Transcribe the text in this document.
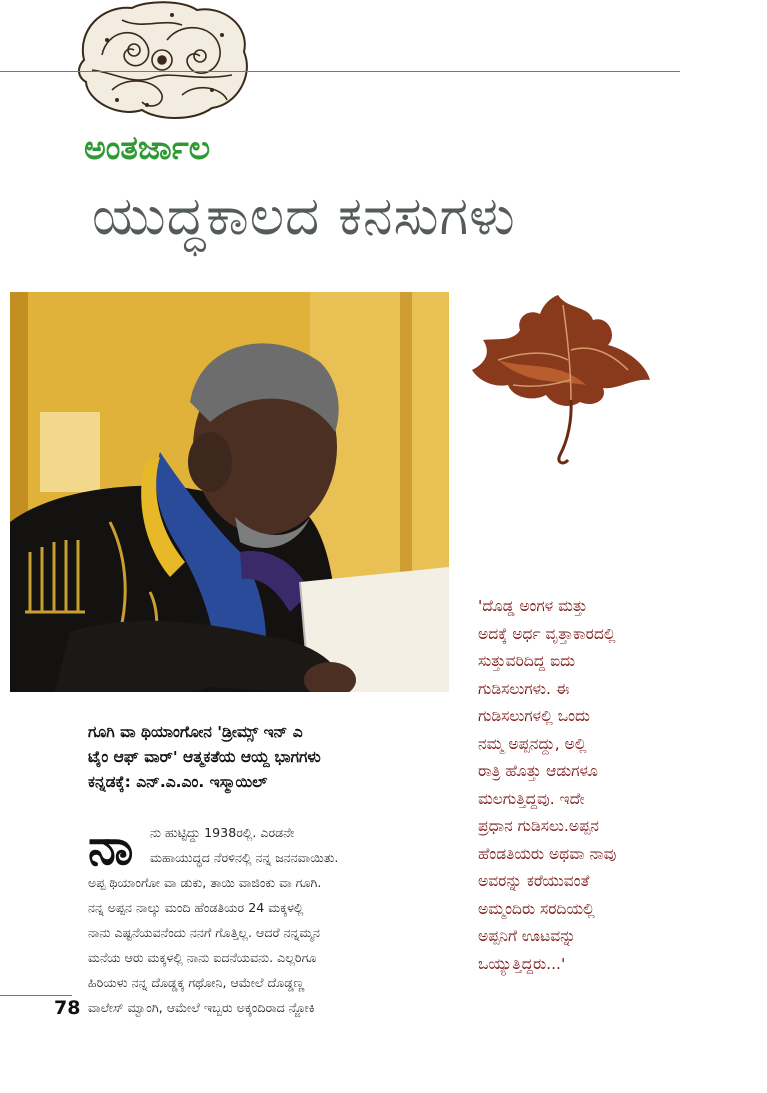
ಅಂತರ್ಜಾಲ
ಯುದ್ಧಕಾಲದ ಕನಸುಗಳು
ಗೂಗಿ ವಾ ಥಿಯಾಂಗೋನ 'ಡ್ರೀಮ್ಸ್ ಇನ್ ಎ
ಟೈಂ ಆಫ್ ವಾರ್' ಆತ್ಮಕತೆಯ ಆಯ್ದ ಭಾಗಗಳು
ಕನ್ನಡಕ್ಕೆ: ಎನ್.ಎ.ಎಂ. ಇಸ್ಮಾಯಿಲ್
ನಾ	ನು ಹುಟ್ಟಿದ್ದು 1938ರಲ್ಲಿ. ಎರಡನೇ
ಮಹಾಯುದ್ಧದ ನೆರಳಿನಲ್ಲಿ ನನ್ನ ಜನನವಾಯಿತು.
ಅಪ್ಪ ಥಿಯಾಂಗೋ ವಾ ಡುಕು, ತಾಯಿ ವಾಜಿಂಕು ವಾ ಗೂಗಿ.
ನನ್ನ ಅಪ್ಪನ ನಾಲ್ಕು ಮಂದಿ ಹೆಂಡತಿಯರ 24 ಮಕ್ಕಳಲ್ಲಿ
ನಾನು ಎಷ್ಟನೆಯವನೆಂದು ನನಗೆ ಗೊತ್ತಿಲ್ಲ. ಆದರೆ ನನ್ನಮ್ಮನ
ಮನೆಯ ಆರು ಮಕ್ಕಳಲ್ಲಿ ನಾನು ಐದನೆಯವನು. ಎಲ್ಲರಿಗೂ
ಹಿರಿಯಳು ನನ್ನ ದೊಡ್ಡಕ್ಕ ಗಥೋನಿ, ಆಮೇಲೆ ದೊಡ್ಡಣ್ಣ
ವಾಲೇಸ್ ಮ್ವಾಂಗಿ, ಆಮೇಲೆ ಇಬ್ಬರು ಅಕ್ಕಂದಿರಾದ ನ್ಜೋಕಿ
78
'ದೊಡ್ಡ ಅಂಗಳ ಮತ್ತು
ಅದಕ್ಕೆ ಅರ್ಧ ವೃತ್ತಾಕಾರದಲ್ಲಿ
ಸುತ್ತುವರಿದಿದ್ದ ಐದು
ಗುಡಿಸಲುಗಳು. ಈ
ಗುಡಿಸಲುಗಳಲ್ಲಿ ಒಂದು
ನಮ್ಮ ಅಪ್ಪನದ್ದು, ಅಲ್ಲಿ
ರಾತ್ರಿ ಹೊತ್ತು ಆಡುಗಳೂ
ಮಲಗುತ್ತಿದ್ದವು. ಇದೇ
ಪ್ರಧಾನ ಗುಡಿಸಲು.ಅಪ್ಪನ
ಹೆಂಡತಿಯರು ಅಥವಾ ನಾವು
ಅವರನ್ನು ಕರೆಯುವಂತೆ
ಅಮ್ಮಂದಿರು ಸರದಿಯಲ್ಲಿ
ಅಪ್ಪನಿಗೆ ಊಟವನ್ನು
ಒಯ್ಯುತ್ತಿದ್ದರು...'
